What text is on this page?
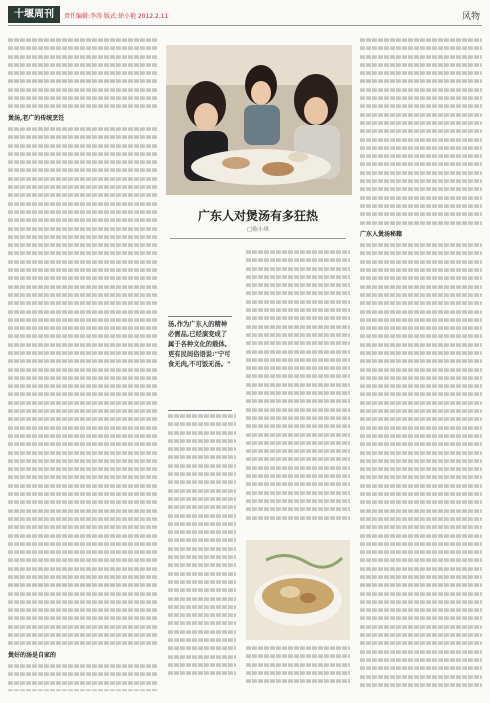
十堰周刊	责任编辑:李涛 版式:徐小艳 2012.2.11	风物
煲汤,老广的传统烹饪
煲好的汤是自家的
广东人对煲汤有多狂热
□陈小琪
汤,作为广东人的精神必需品,已经演变成了属于各种文化的载体,更有民间俗语说:"宁可食无肉,不可饭无汤。"
广东人煲汤秘籍
